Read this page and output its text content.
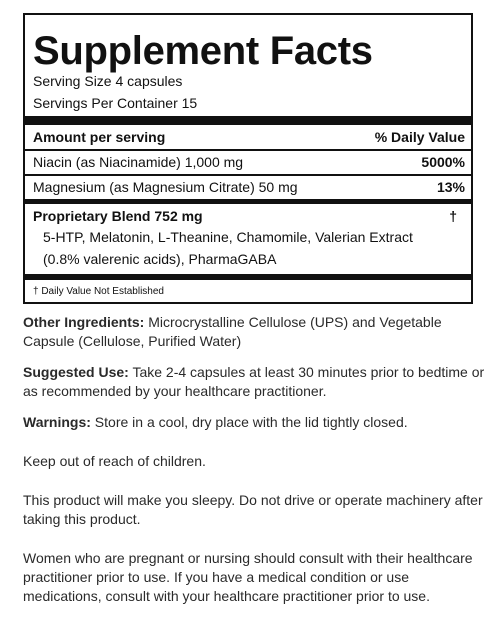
Supplement Facts
Serving Size 4 capsules
Servings Per Container 15
Amount per serving	% Daily Value
Niacin (as Niacinamide) 1,000 mg	5000%
Magnesium (as Magnesium Citrate) 50 mg	13%
Proprietary Blend 752 mg	†
5-HTP, Melatonin, L-Theanine, Chamomile, Valerian Extract
(0.8% valerenic acids), PharmaGABA
† Daily Value Not Established

Other Ingredients: Microcrystalline Cellulose (UPS) and Vegetable Capsule (Cellulose, Purified Water)

Suggested Use: Take 2-4 capsules at least 30 minutes prior to bedtime or as recommended by your healthcare practitioner.

Warnings: Store in a cool, dry place with the lid tightly closed.

Keep out of reach of children.

This product will make you sleepy. Do not drive or operate machinery after taking this product.

Women who are pregnant or nursing should consult with their healthcare practitioner prior to use. If you have a medical condition or use medications, consult with your healthcare practitioner prior to use.
